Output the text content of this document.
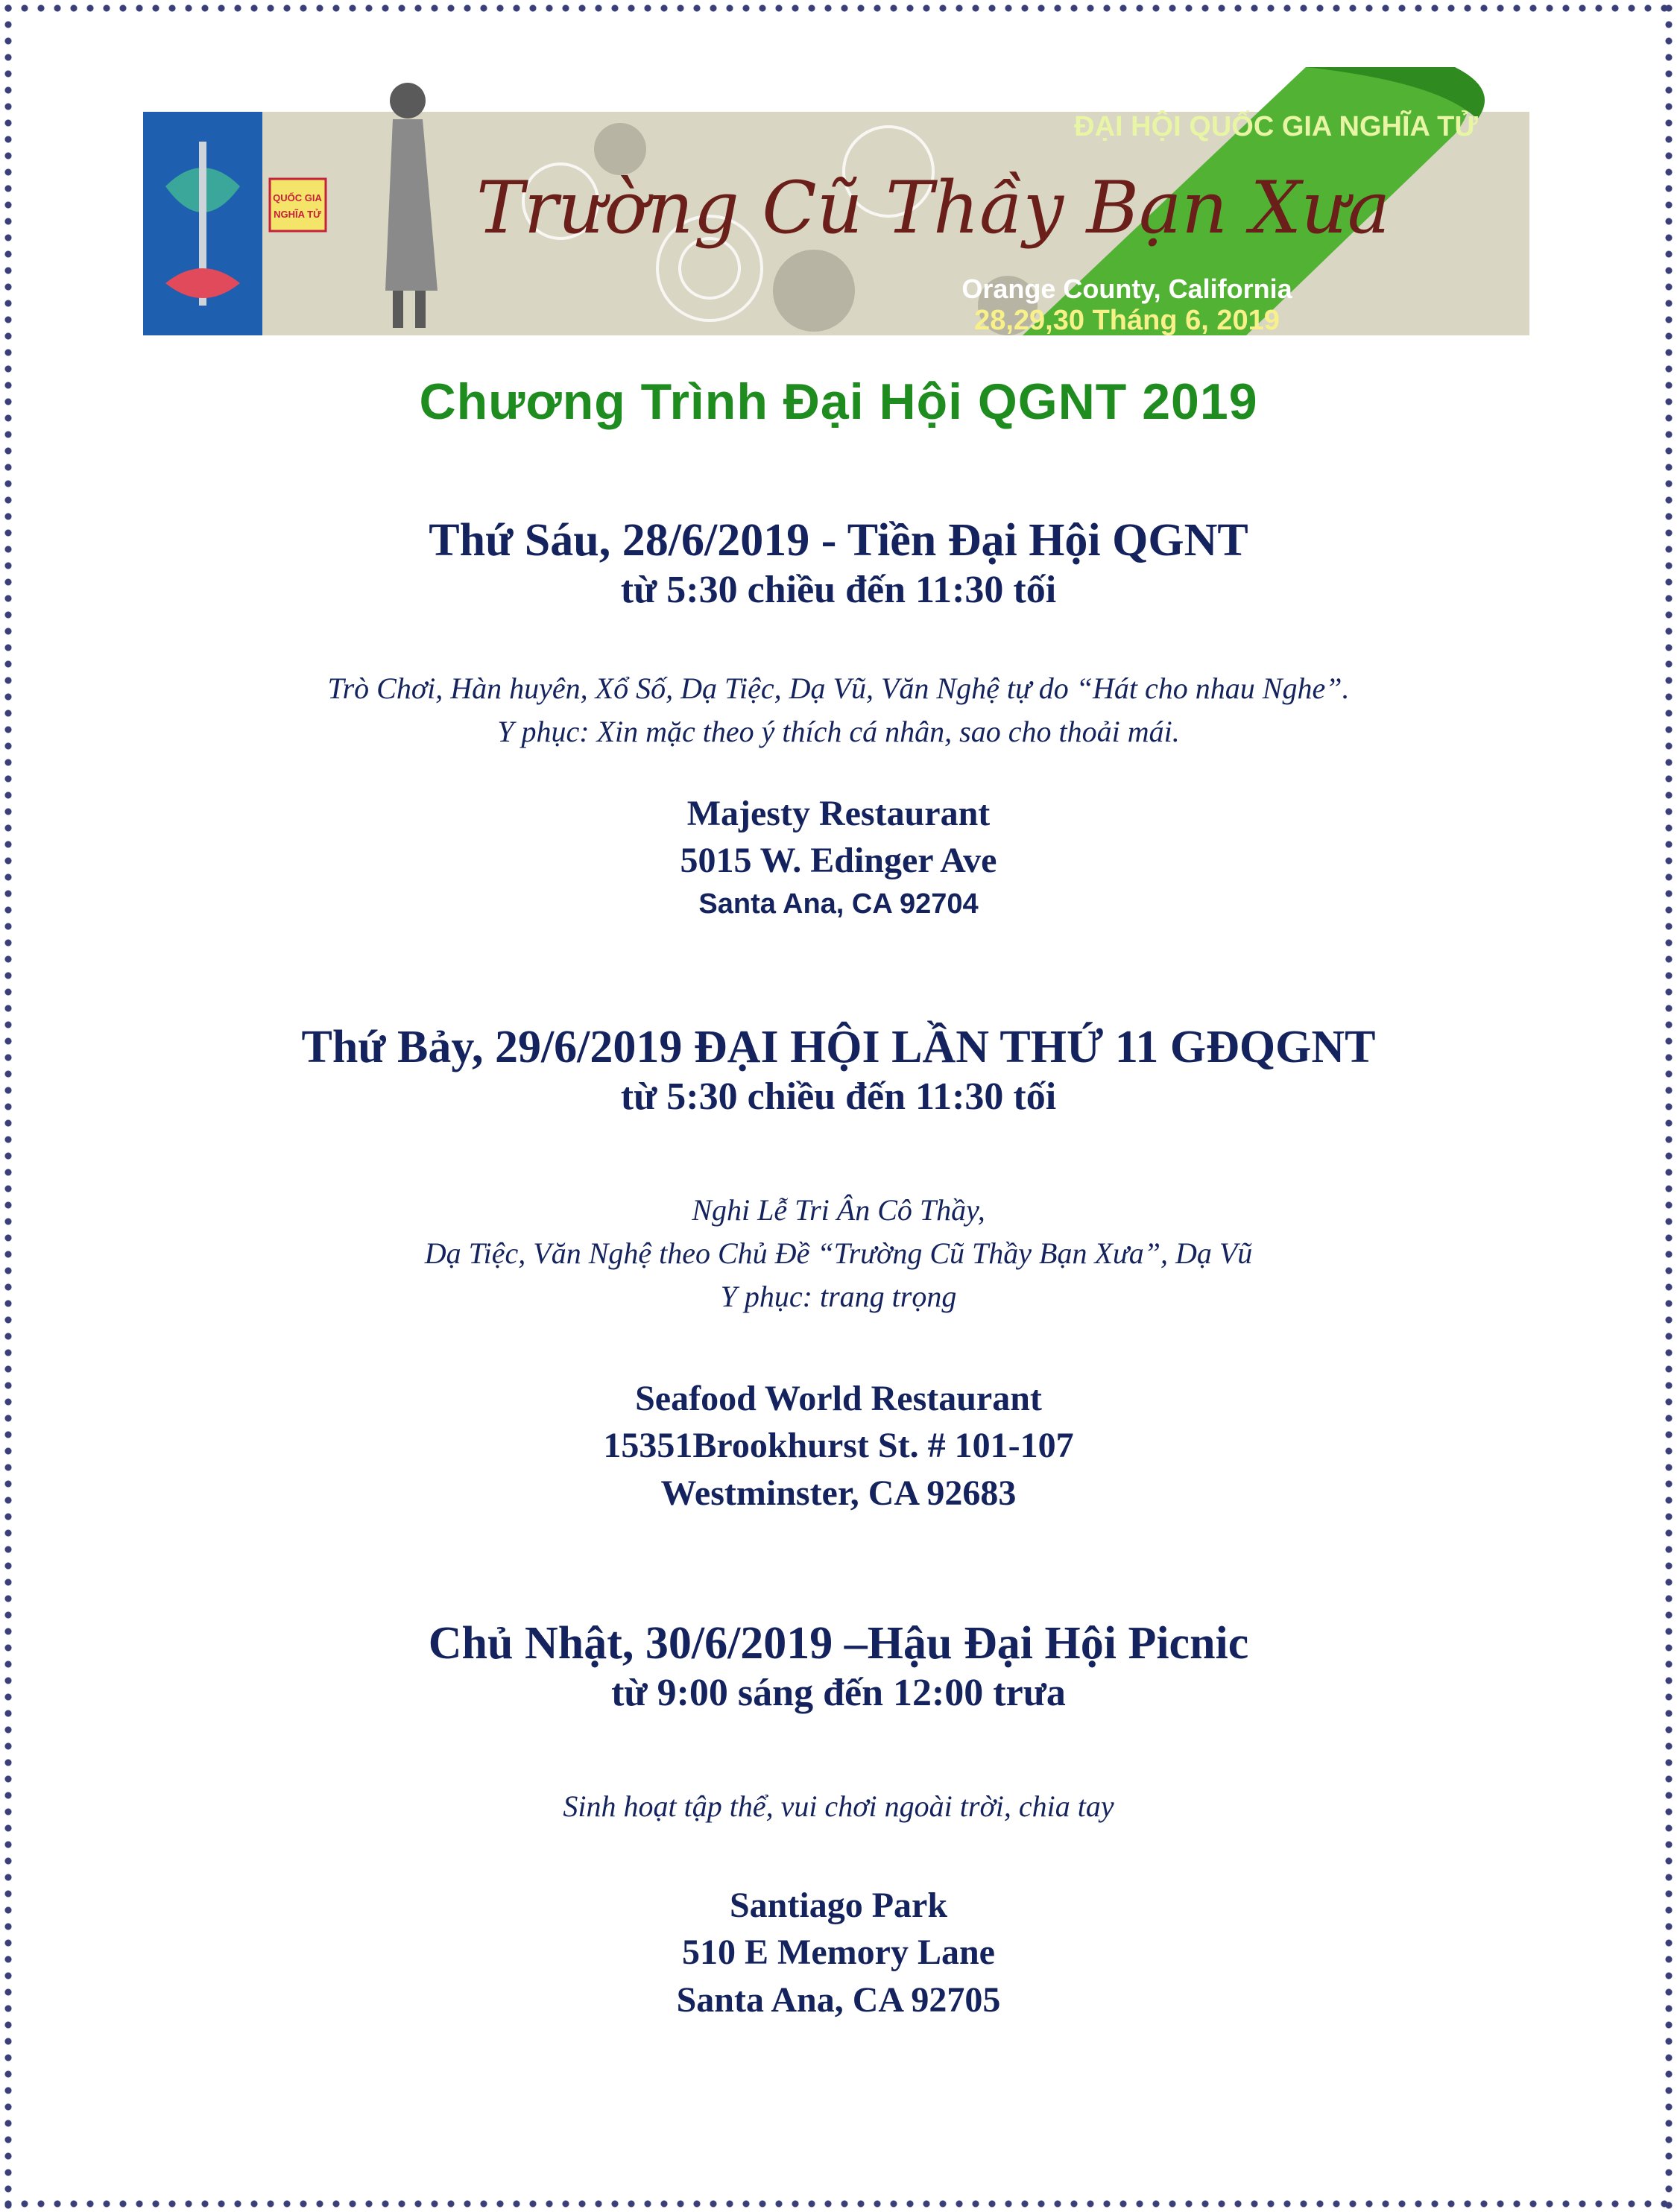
QUỐC GIA
NGHĨA TỬ Trường Cũ Thầy Bạn Xưa
ĐẠI HỘI QUỐC GIA NGHĨA TỬ
Orange County, California
28,29,30 Tháng 6, 2019
Chương Trình Đại Hội QGNT 2019

Thứ Sáu, 28/6/2019 - Tiền Đại Hội QGNT

từ 5:30 chiều đến 11:30 tối

Trò Chơi, Hàn huyên, Xổ Số, Dạ Tiệc, Dạ Vũ, Văn Nghệ tự do “Hát cho nhau Nghe”.

Y phục: Xin mặc theo ý thích cá nhân, sao cho thoải mái.

Majesty Restaurant

5015 W. Edinger Ave

Santa Ana, CA 92704

Thứ Bảy, 29/6/2019 ĐẠI HỘI LẦN THỨ 11 GĐQGNT

từ 5:30 chiều đến 11:30 tối

Nghi Lễ Tri Ân Cô Thầy,

Dạ Tiệc, Văn Nghệ theo Chủ Đề “Trường Cũ Thầy Bạn Xưa”, Dạ Vũ

Y phục: trang trọng

Seafood World Restaurant

15351Brookhurst St. # 101-107

Westminster, CA 92683

Chủ Nhật, 30/6/2019 –Hậu Đại Hội Picnic

từ 9:00 sáng đến 12:00 trưa

Sinh hoạt tập thể, vui chơi ngoài trời, chia tay

Santiago Park

510 E Memory Lane

Santa Ana, CA 92705
